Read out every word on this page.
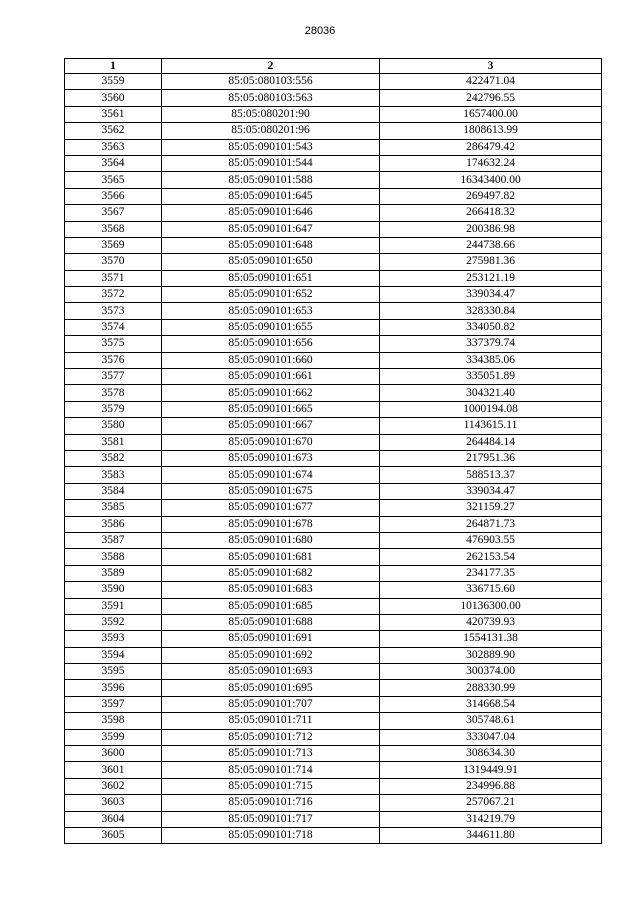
28036
1	2	3
3559	85:05:080103:556	422471.04
3560	85:05:080103:563	242796.55
3561	85:05:080201:90	1657400.00
3562	85:05:080201:96	1808613.99
3563	85:05:090101:543	286479.42
3564	85:05:090101:544	174632.24
3565	85:05:090101:588	16343400.00
3566	85:05:090101:645	269497.82
3567	85:05:090101:646	266418.32
3568	85:05:090101:647	200386.98
3569	85:05:090101:648	244738.66
3570	85:05:090101:650	275981.36
3571	85:05:090101:651	253121.19
3572	85:05:090101:652	339034.47
3573	85:05:090101:653	328330.84
3574	85:05:090101:655	334050.82
3575	85:05:090101:656	337379.74
3576	85:05:090101:660	334385.06
3577	85:05:090101:661	335051.89
3578	85:05:090101:662	304321.40
3579	85:05:090101:665	1000194.08
3580	85:05:090101:667	1143615.11
3581	85:05:090101:670	264484.14
3582	85:05:090101:673	217951.36
3583	85:05:090101:674	588513.37
3584	85:05:090101:675	339034.47
3585	85:05:090101:677	321159.27
3586	85:05:090101:678	264871.73
3587	85:05:090101:680	476903.55
3588	85:05:090101:681	262153.54
3589	85:05:090101:682	234177.35
3590	85:05:090101:683	336715.60
3591	85:05:090101:685	10136300.00
3592	85:05:090101:688	420739.93
3593	85:05:090101:691	1554131.38
3594	85:05:090101:692	302889.90
3595	85:05:090101:693	300374.00
3596	85:05:090101:695	288330.99
3597	85:05:090101:707	314668.54
3598	85:05:090101:711	305748.61
3599	85:05:090101:712	333047.04
3600	85:05:090101:713	308634.30
3601	85:05:090101:714	1319449.91
3602	85:05:090101:715	234996.88
3603	85:05:090101:716	257067.21
3604	85:05:090101:717	314219.79
3605	85:05:090101:718	344611.80
